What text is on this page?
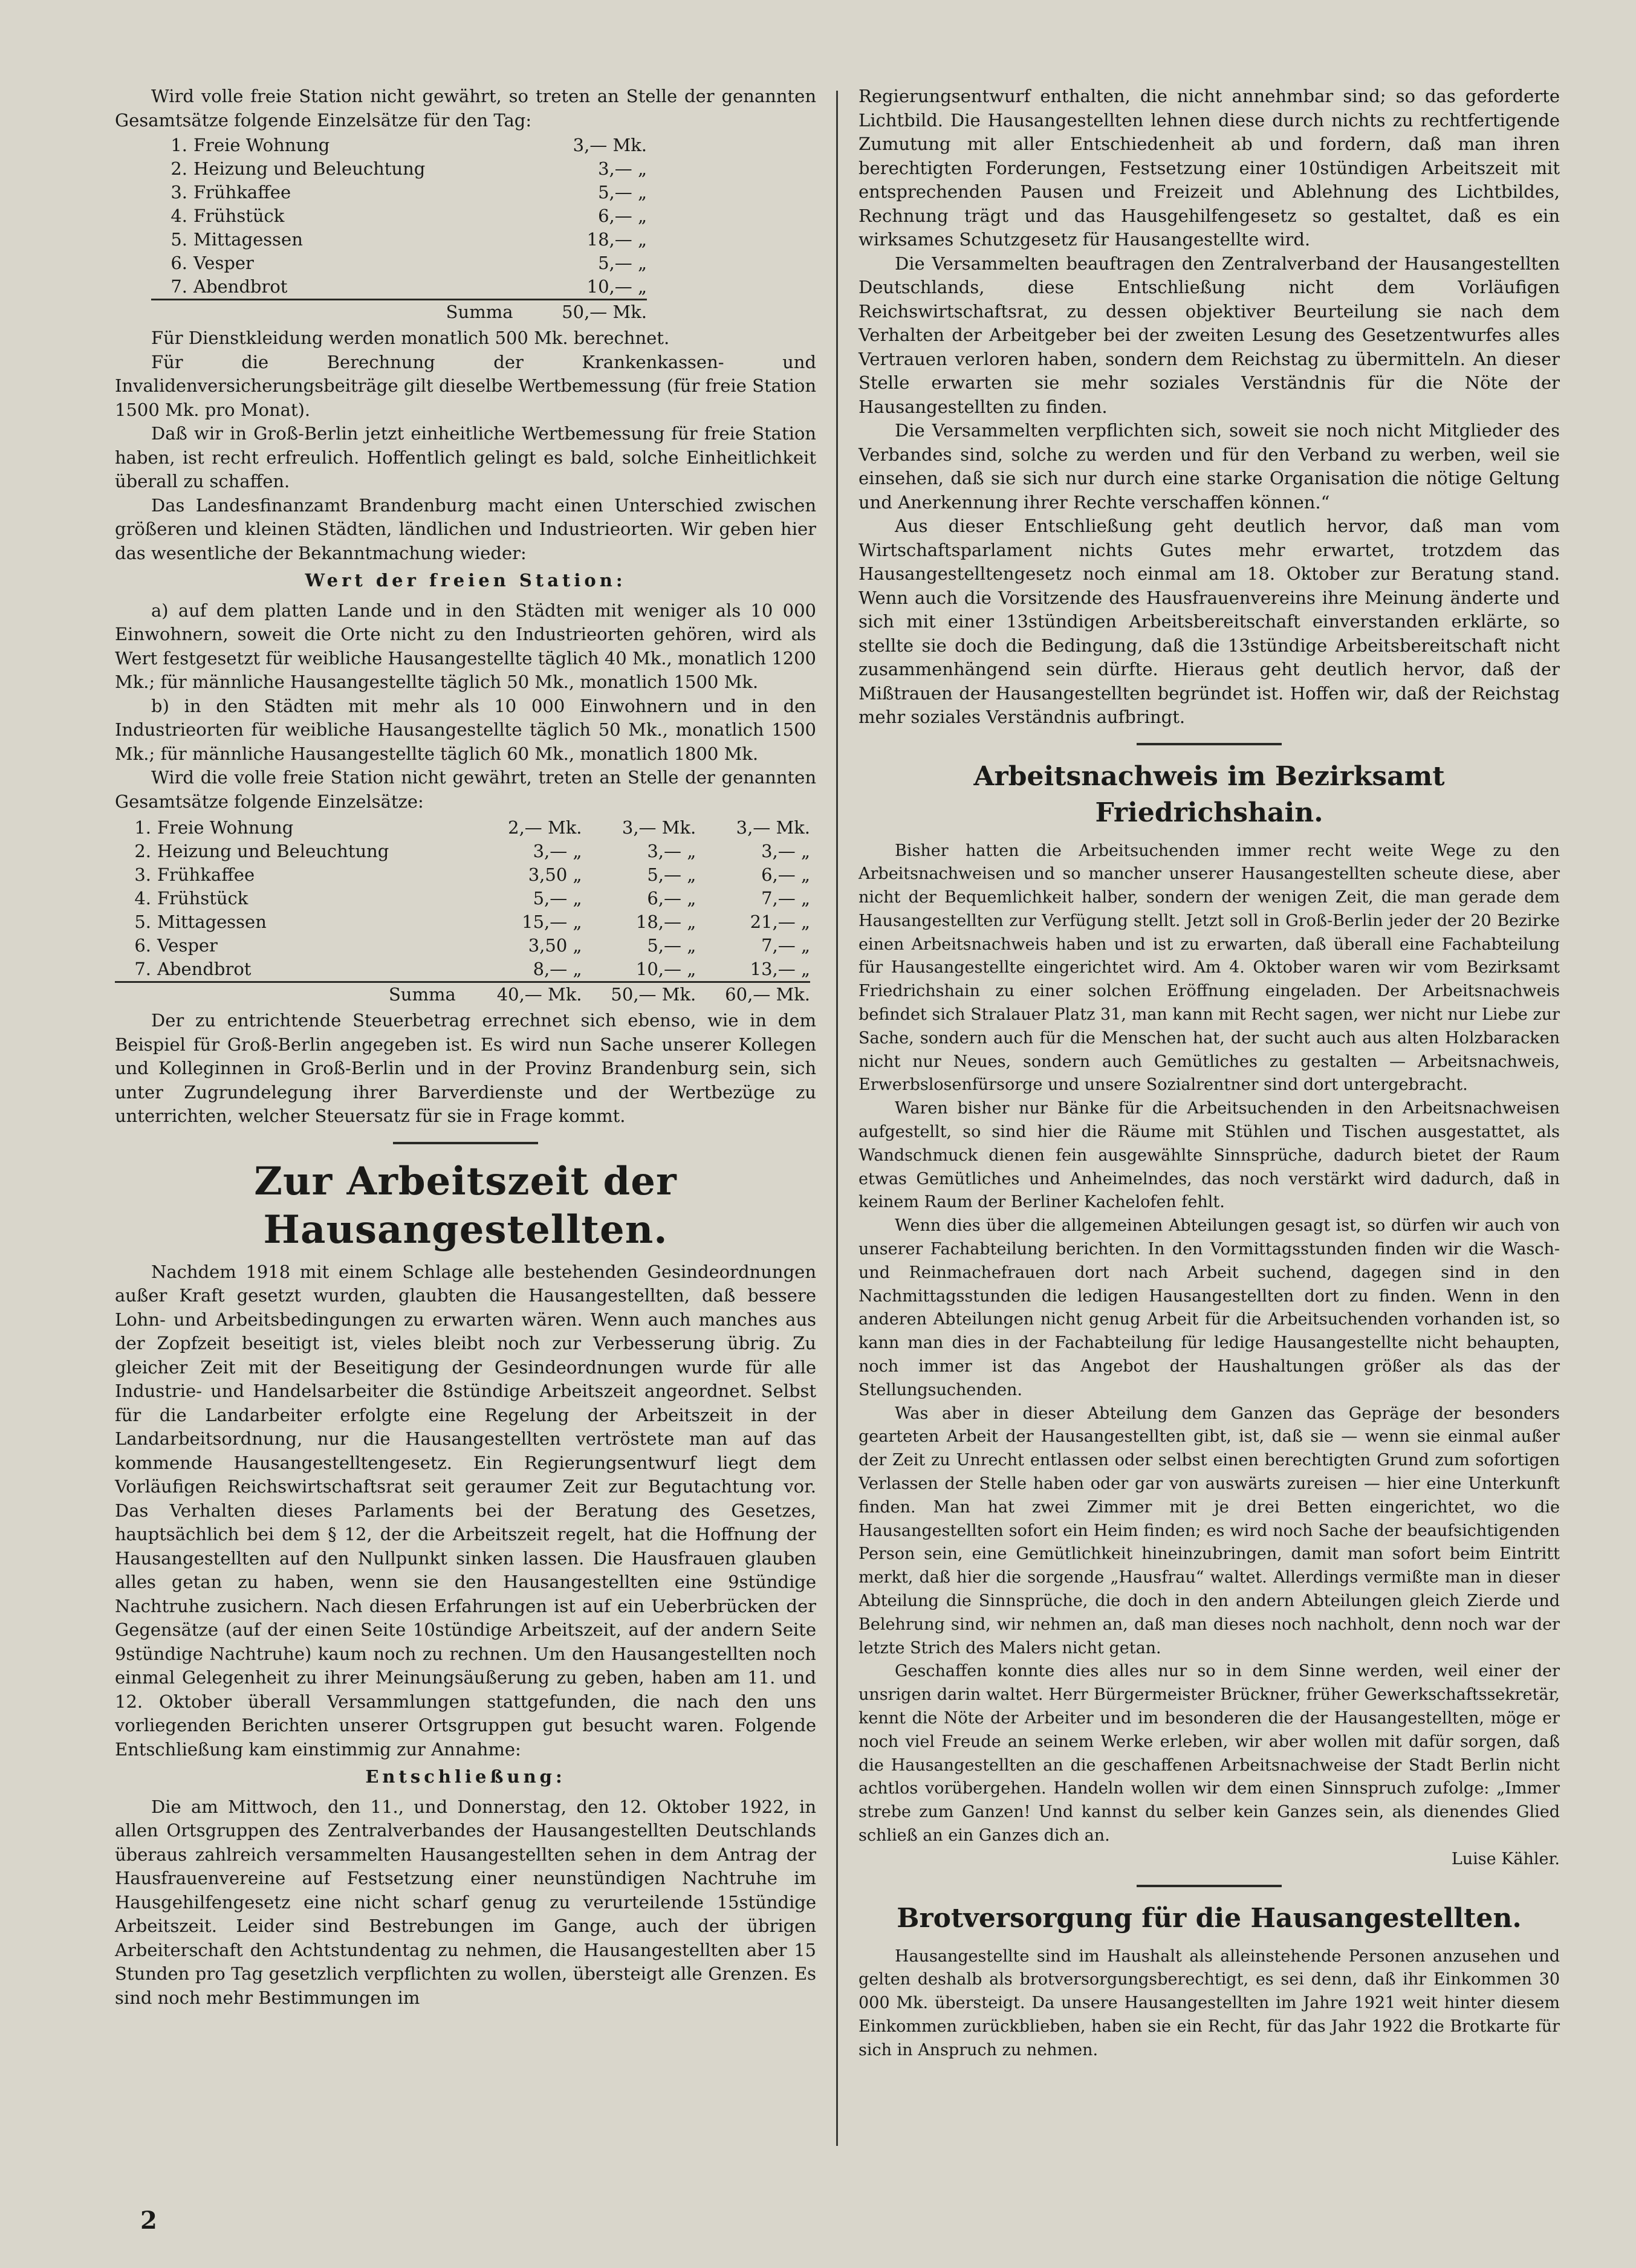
Wird volle freie Station nicht gewährt, so treten an Stelle der genannten Gesamtsätze folgende Einzelsätze für den Tag:

1.	Freie Wohnung	3,— Mk.
2.	Heizung und Beleuchtung	3,— „
3.	Frühkaffee	5,— „
4.	Frühstück	6,— „
5.	Mittagessen	18,— „
6.	Vesper	5,— „
7.	Abendbrot	10,— „
	Summa	50,— Mk.

Für Dienstkleidung werden monatlich 500 Mk. berechnet.

Für die Berechnung der Krankenkassen- und Invalidenversicherungsbeiträge gilt dieselbe Wertbemessung (für freie Station 1500 Mk. pro Monat).

Daß wir in Groß-Berlin jetzt einheitliche Wertbemessung für freie Station haben, ist recht erfreulich. Hoffentlich gelingt es bald, solche Einheitlichkeit überall zu schaffen.

Das Landesfinanzamt Brandenburg macht einen Unterschied zwischen größeren und kleinen Städten, ländlichen und Industrieorten. Wir geben hier das wesentliche der Bekanntmachung wieder:

Wert der freien Station:

a) auf dem platten Lande und in den Städten mit weniger als 10 000 Einwohnern, soweit die Orte nicht zu den Industrieorten gehören, wird als Wert festgesetzt für weibliche Hausangestellte täglich 40 Mk., monatlich 1200 Mk.; für männliche Hausangestellte täglich 50 Mk., monatlich 1500 Mk.

b) in den Städten mit mehr als 10 000 Einwohnern und in den Industrieorten für weibliche Hausangestellte täglich 50 Mk., monatlich 1500 Mk.; für männliche Hausangestellte täglich 60 Mk., monatlich 1800 Mk.

Wird die volle freie Station nicht gewährt, treten an Stelle der genannten Gesamtsätze folgende Einzelsätze:

1.	Freie Wohnung	2,— Mk.	3,— Mk.	3,— Mk.
2.	Heizung und Beleuchtung	3,— „	3,— „	3,— „
3.	Frühkaffee	3,50 „	5,— „	6,— „
4.	Frühstück	5,— „	6,— „	7,— „
5.	Mittagessen	15,— „	18,— „	21,— „
6.	Vesper	3,50 „	5,— „	7,— „
7.	Abendbrot	8,— „	10,— „	13,— „
	Summa	40,— Mk.	50,— Mk.	60,— Mk.

Der zu entrichtende Steuerbetrag errechnet sich ebenso, wie in dem Beispiel für Groß-Berlin angegeben ist. Es wird nun Sache unserer Kollegen und Kolleginnen in Groß-Berlin und in der Provinz Brandenburg sein, sich unter Zugrundelegung ihrer Barverdienste und der Wertbezüge zu unterrichten, welcher Steuersatz für sie in Frage kommt.

Zur Arbeitszeit der Hausangestellten.

Nachdem 1918 mit einem Schlage alle bestehenden Gesindeordnungen außer Kraft gesetzt wurden, glaubten die Hausangestellten, daß bessere Lohn- und Arbeitsbedingungen zu erwarten wären. Wenn auch manches aus der Zopfzeit beseitigt ist, vieles bleibt noch zur Verbesserung übrig. Zu gleicher Zeit mit der Beseitigung der Gesindeordnungen wurde für alle Industrie- und Handelsarbeiter die 8stündige Arbeitszeit angeordnet. Selbst für die Landarbeiter erfolgte eine Regelung der Arbeitszeit in der Landarbeitsordnung, nur die Hausangestellten vertröstete man auf das kommende Hausangestelltengesetz. Ein Regierungsentwurf liegt dem Vorläufigen Reichswirtschaftsrat seit geraumer Zeit zur Begutachtung vor. Das Verhalten dieses Parlaments bei der Beratung des Gesetzes, hauptsächlich bei dem § 12, der die Arbeitszeit regelt, hat die Hoffnung der Hausangestellten auf den Nullpunkt sinken lassen. Die Hausfrauen glauben alles getan zu haben, wenn sie den Hausangestellten eine 9stündige Nachtruhe zusichern. Nach diesen Erfahrungen ist auf ein Ueberbrücken der Gegensätze (auf der einen Seite 10stündige Arbeitszeit, auf der andern Seite 9stündige Nachtruhe) kaum noch zu rechnen. Um den Hausangestellten noch einmal Gelegenheit zu ihrer Meinungsäußerung zu geben, haben am 11. und 12. Oktober überall Versammlungen stattgefunden, die nach den uns vorliegenden Berichten unserer Ortsgruppen gut besucht waren. Folgende Entschließung kam einstimmig zur Annahme:

Entschließung:

Die am Mittwoch, den 11., und Donnerstag, den 12. Oktober 1922, in allen Ortsgruppen des Zentralverbandes der Hausangestellten Deutschlands überaus zahlreich versammelten Hausangestellten sehen in dem Antrag der Hausfrauenvereine auf Festsetzung einer neunstündigen Nachtruhe im Hausgehilfengesetz eine nicht scharf genug zu verurteilende 15stündige Arbeitszeit. Leider sind Bestrebungen im Gange, auch der übrigen Arbeiterschaft den Achtstundentag zu nehmen, die Hausangestellten aber 15 Stunden pro Tag gesetzlich verpflichten zu wollen, übersteigt alle Grenzen. Es sind noch mehr Bestimmungen im

Regierungsentwurf enthalten, die nicht annehmbar sind; so das geforderte Lichtbild. Die Hausangestellten lehnen diese durch nichts zu rechtfertigende Zumutung mit aller Entschiedenheit ab und fordern, daß man ihren berechtigten Forderungen, Festsetzung einer 10stündigen Arbeitszeit mit entsprechenden Pausen und Freizeit und Ablehnung des Lichtbildes, Rechnung trägt und das Hausgehilfengesetz so gestaltet, daß es ein wirksames Schutzgesetz für Hausangestellte wird.

Die Versammelten beauftragen den Zentralverband der Hausangestellten Deutschlands, diese Entschließung nicht dem Vorläufigen Reichswirtschaftsrat, zu dessen objektiver Beurteilung sie nach dem Verhalten der Arbeitgeber bei der zweiten Lesung des Gesetzentwurfes alles Vertrauen verloren haben, sondern dem Reichstag zu übermitteln. An dieser Stelle erwarten sie mehr soziales Verständnis für die Nöte der Hausangestellten zu finden.

Die Versammelten verpflichten sich, soweit sie noch nicht Mitglieder des Verbandes sind, solche zu werden und für den Verband zu werben, weil sie einsehen, daß sie sich nur durch eine starke Organisation die nötige Geltung und Anerkennung ihrer Rechte verschaffen können.“

Aus dieser Entschließung geht deutlich hervor, daß man vom Wirtschaftsparlament nichts Gutes mehr erwartet, trotzdem das Hausangestelltengesetz noch einmal am 18. Oktober zur Beratung stand. Wenn auch die Vorsitzende des Hausfrauenvereins ihre Meinung änderte und sich mit einer 13stündigen Arbeitsbereitschaft einverstanden erklärte, so stellte sie doch die Bedingung, daß die 13stündige Arbeitsbereitschaft nicht zusammenhängend sein dürfte. Hieraus geht deutlich hervor, daß der Mißtrauen der Hausangestellten begründet ist. Hoffen wir, daß der Reichstag mehr soziales Verständnis aufbringt.

Arbeitsnachweis im Bezirksamt Friedrichshain.

Bisher hatten die Arbeitsuchenden immer recht weite Wege zu den Arbeitsnachweisen und so mancher unserer Hausangestellten scheute diese, aber nicht der Bequemlichkeit halber, sondern der wenigen Zeit, die man gerade dem Hausangestellten zur Verfügung stellt. Jetzt soll in Groß-Berlin jeder der 20 Bezirke einen Arbeitsnachweis haben und ist zu erwarten, daß überall eine Fachabteilung für Hausangestellte eingerichtet wird. Am 4. Oktober waren wir vom Bezirksamt Friedrichshain zu einer solchen Eröffnung eingeladen. Der Arbeitsnachweis befindet sich Stralauer Platz 31, man kann mit Recht sagen, wer nicht nur Liebe zur Sache, sondern auch für die Menschen hat, der sucht auch aus alten Holzbaracken nicht nur Neues, sondern auch Gemütliches zu gestalten — Arbeitsnachweis, Erwerbslosenfürsorge und unsere Sozialrentner sind dort untergebracht.

Waren bisher nur Bänke für die Arbeitsuchenden in den Arbeitsnachweisen aufgestellt, so sind hier die Räume mit Stühlen und Tischen ausgestattet, als Wandschmuck dienen fein ausgewählte Sinnsprüche, dadurch bietet der Raum etwas Gemütliches und Anheimelndes, das noch verstärkt wird dadurch, daß in keinem Raum der Berliner Kachelofen fehlt.

Wenn dies über die allgemeinen Abteilungen gesagt ist, so dürfen wir auch von unserer Fachabteilung berichten. In den Vormittagsstunden finden wir die Wasch- und Reinmachefrauen dort nach Arbeit suchend, dagegen sind in den Nachmittagsstunden die ledigen Hausangestellten dort zu finden. Wenn in den anderen Abteilungen nicht genug Arbeit für die Arbeitsuchenden vorhanden ist, so kann man dies in der Fachabteilung für ledige Hausangestellte nicht behaupten, noch immer ist das Angebot der Haushaltungen größer als das der Stellungsuchenden.

Was aber in dieser Abteilung dem Ganzen das Gepräge der besonders gearteten Arbeit der Hausangestellten gibt, ist, daß sie — wenn sie einmal außer der Zeit zu Unrecht entlassen oder selbst einen berechtigten Grund zum sofortigen Verlassen der Stelle haben oder gar von auswärts zureisen — hier eine Unterkunft finden. Man hat zwei Zimmer mit je drei Betten eingerichtet, wo die Hausangestellten sofort ein Heim finden; es wird noch Sache der beaufsichtigenden Person sein, eine Gemütlichkeit hineinzubringen, damit man sofort beim Eintritt merkt, daß hier die sorgende „Hausfrau“ waltet. Allerdings vermißte man in dieser Abteilung die Sinnsprüche, die doch in den andern Abteilungen gleich Zierde und Belehrung sind, wir nehmen an, daß man dieses noch nachholt, denn noch war der letzte Strich des Malers nicht getan.

Geschaffen konnte dies alles nur so in dem Sinne werden, weil einer der unsrigen darin waltet. Herr Bürgermeister Brückner, früher Gewerkschaftssekretär, kennt die Nöte der Arbeiter und im besonderen die der Hausangestellten, möge er noch viel Freude an seinem Werke erleben, wir aber wollen mit dafür sorgen, daß die Hausangestellten an die geschaffenen Arbeitsnachweise der Stadt Berlin nicht achtlos vorübergehen. Handeln wollen wir dem einen Sinnspruch zufolge: „Immer strebe zum Ganzen! Und kannst du selber kein Ganzes sein, als dienendes Glied schließ an ein Ganzes dich an.

Luise Kähler.

Brotversorgung für die Hausangestellten.

Hausangestellte sind im Haushalt als alleinstehende Personen anzusehen und gelten deshalb als brotversorgungsberechtigt, es sei denn, daß ihr Einkommen 30 000 Mk. übersteigt. Da unsere Hausangestellten im Jahre 1921 weit hinter diesem Einkommen zurückblieben, haben sie ein Recht, für das Jahr 1922 die Brotkarte für sich in Anspruch zu nehmen.

2
